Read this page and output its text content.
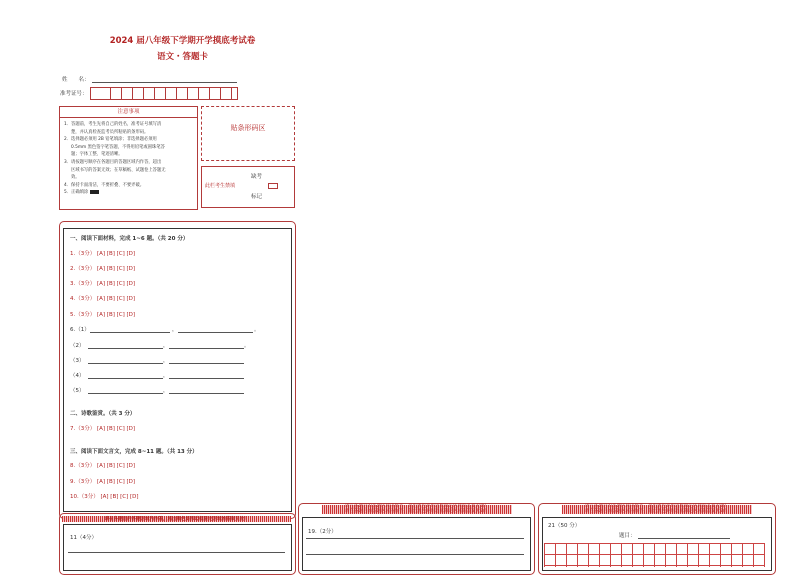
2024 届八年级下学期开学摸底考试卷
语文・答题卡
姓　　名：
准考证号：
注意事项
1．答题前，考生先将自己的姓名，准考证号填写清
楚，并认真检查监考员所粘贴的条形码。
2．选择题必须用 2B 铅笔填涂；非选择题必须用
0.5mm 黑色签字笔答题，不得用铅笔或圆珠笔答
题；字体工整、笔迹清晰。
3．请按题号顺序在各题目的答题区域内作答，超出
区域书写的答案无效；在草稿纸、试题卷上答题无
效。
4．保持卡面清洁，不要折叠、不要弄破。
5．正确填涂
贴条形码区
缺考
此栏考生禁填
标记
一、阅读下面材料，完成 1~6 题。（共 20 分）
1.（3分） [A] [B] [C] [D]
2.（3分） [A] [B] [C] [D]
3.（3分） [A] [B] [C] [D]
4.（3分） [A] [B] [C] [D]
5.（3分） [A] [B] [C] [D]
6.（1）	，	。
（2）	，	。
（3）	，
（4）	，
（5）	，
二、诗歌鉴赏。（共 3 分）
7.（3分） [A] [B] [C] [D]
三、阅读下面文言文，完成 8~11 题。（共 13 分）
8.（3分） [A] [B] [C] [D]
9.（3分） [A] [B] [C] [D]
10.（3分） [A] [B] [C] [D]
请在各题目的答题区域内作答，超出黑色矩形边框限定区域的答案无效！
11（4分）
请在各题目的答题区域内作答，超出黑色矩形边框限定区域的答案无效！
请在各题目的答题区域内作答，超出黑色矩形边框限定区域的答案无效！
19.（2分）
请在各题目的答题区域内作答，超出黑色矩形边框限定区域的答案无效！
请在各题目的答题区域内作答，超出黑色矩形边框限定区域的答案无效！
21（50 分）
题目：
